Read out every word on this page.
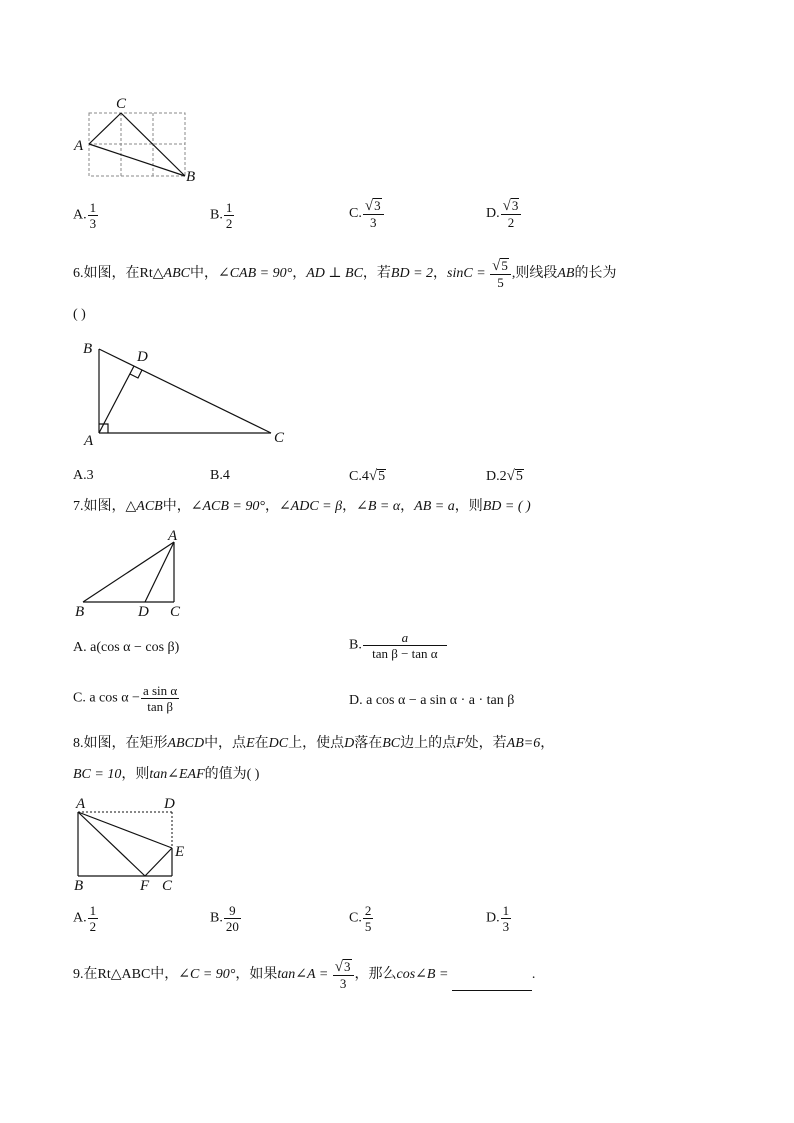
C
A
B
A. $\frac{1}{3}$	B. $\frac{1}{2}$	C. $\frac{√3}{3}$	D. $\frac{√3}{2}$
6.如图，在Rt△ABC中，∠CAB = 90°，AD ⊥ BC，若BD = 2，$\sin C = \frac{√5}{5}$ ,则线段AB的长为
( )
B	D
A	C
A.3	B.4	C.4√5	D.2√5
7.如图，△ACB中，∠ACB = 90°，∠ADC = β，∠B = α，AB = a，则BD = ( )
A
B	D C
A. a(cos α − cos β)	B. $\frac{a}{\text{tan β − tan α}}$
C. a $\cos \alpha - \frac{\text{a sin α}}{\text{tan β}}$	D. a cos α − a sin α · a · tan β
8.如图，在矩形ABCD中，点E在DC上，使点D落在BC边上的点F处，若AB=6，
BC = 10，则tan∠EAF的值为( )
A	D
E
B	F C
A. $\frac{1}{2}$	B. $\frac{9}{20}$	C. $\frac{2}{5}$	D. $\frac{1}{3}$
9.在Rt△ABC中，∠C = 90°，如果tan∠A = $\frac{√3}{3}$ ，那么cos∠B =	.
